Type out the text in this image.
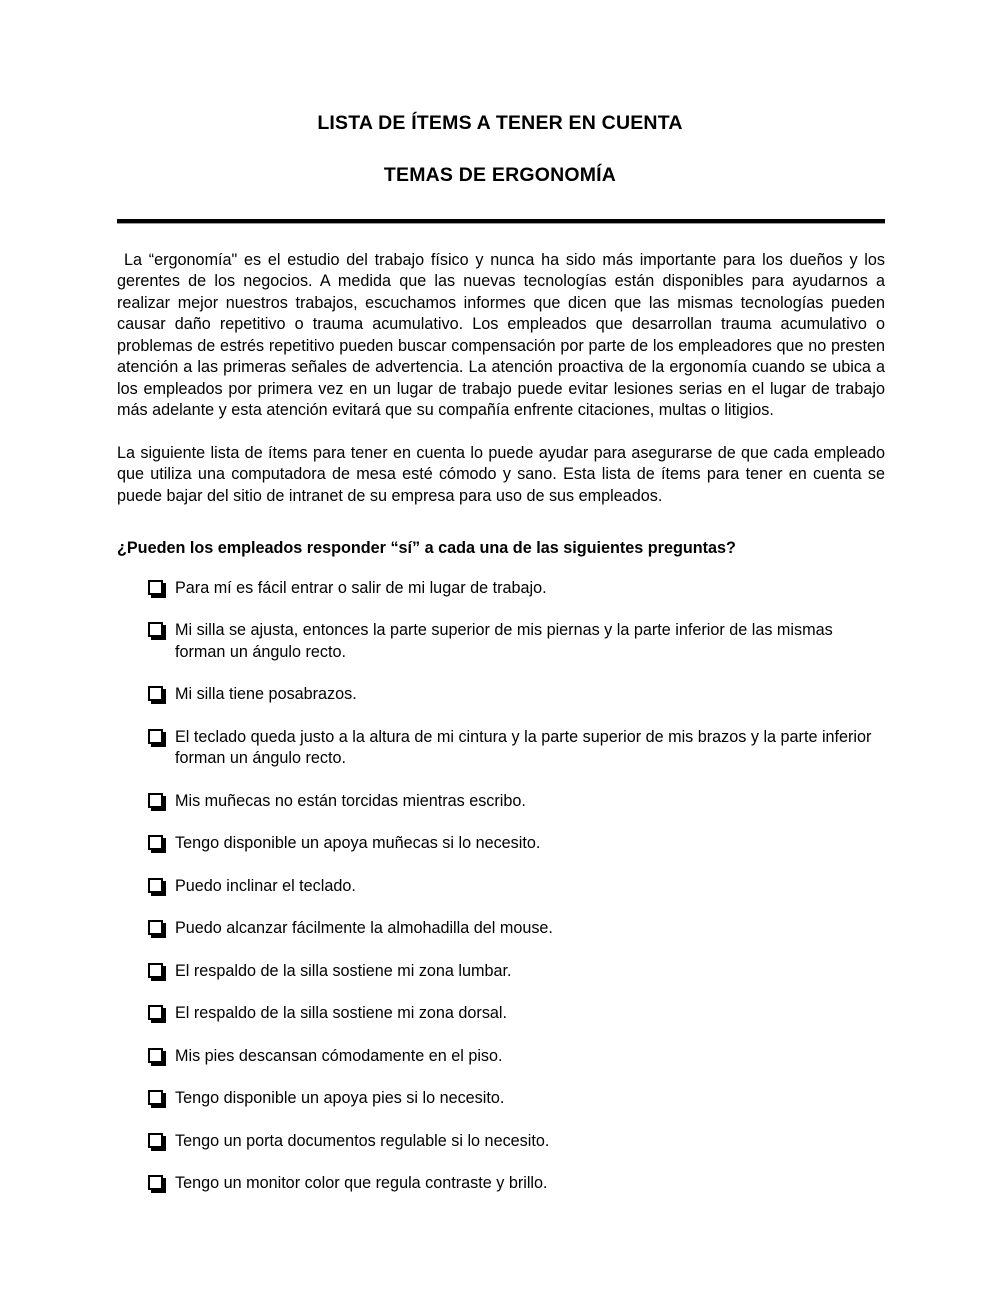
LISTA DE ÍTEMS A TENER EN CUENTA
TEMAS DE ERGONOMÍA

La “ergonomía" es el estudio del trabajo físico y nunca ha sido más importante para los dueños y los gerentes de los negocios. A medida que las nuevas tecnologías están disponibles para ayudarnos a realizar mejor nuestros trabajos, escuchamos informes que dicen que las mismas tecnologías pueden causar daño repetitivo o trauma acumulativo. Los empleados que desarrollan trauma acumulativo o problemas de estrés repetitivo pueden buscar compensación por parte de los empleadores que no presten atención a las primeras señales de advertencia. La atención proactiva de la ergonomía cuando se ubica a los empleados por primera vez en un lugar de trabajo puede evitar lesiones serias en el lugar de trabajo más adelante y esta atención evitará que su compañía enfrente citaciones, multas o litigios.

La siguiente lista de ítems para tener en cuenta lo puede ayudar para asegurarse de que cada empleado que utiliza una computadora de mesa esté cómodo y sano. Esta lista de ítems para tener en cuenta se puede bajar del sitio de intranet de su empresa para uso de sus empleados.

¿Pueden los empleados responder “sí” a cada una de las siguientes preguntas?

Para mí es fácil entrar o salir de mi lugar de trabajo.
Mi silla se ajusta, entonces la parte superior de mis piernas y la parte inferior de las mismas forman un ángulo recto.
Mi silla tiene posabrazos.
El teclado queda justo a la altura de mi cintura y la parte superior de mis brazos y la parte inferior forman un ángulo recto.
Mis muñecas no están torcidas mientras escribo.
Tengo disponible un apoya muñecas si lo necesito.
Puedo inclinar el teclado.
Puedo alcanzar fácilmente la almohadilla del mouse.
El respaldo de la silla sostiene mi zona lumbar.
El respaldo de la silla sostiene mi zona dorsal.
Mis pies descansan cómodamente en el piso.
Tengo disponible un apoya pies si lo necesito.
Tengo un porta documentos regulable si lo necesito.
Tengo un monitor color que regula contraste y brillo.
